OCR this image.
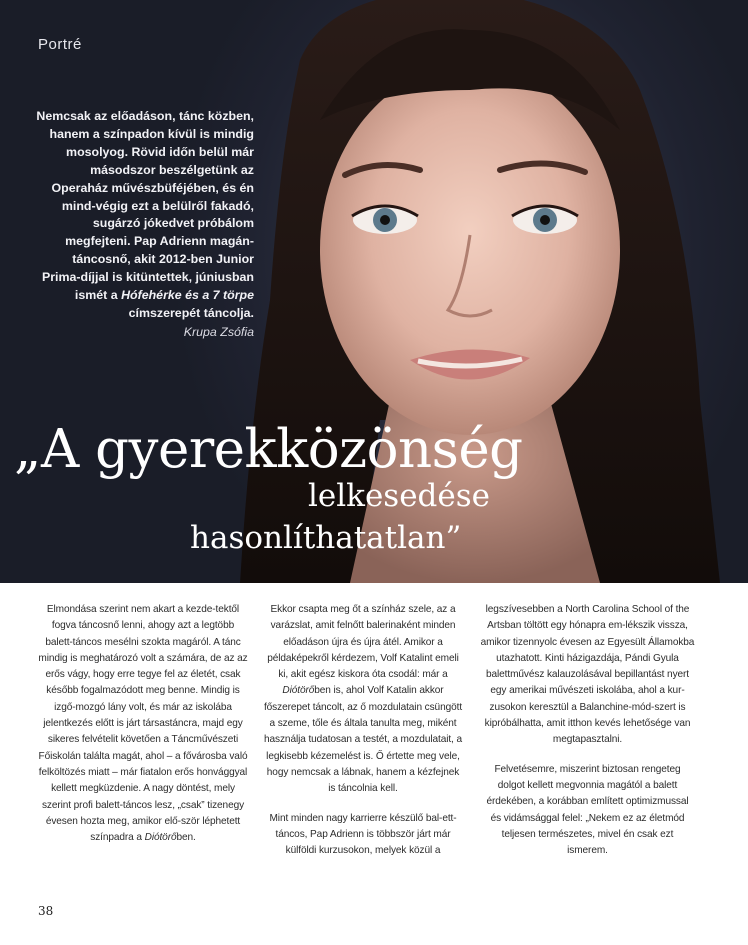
Portré
Nemcsak az előadáson, tánc közben, hanem a színpadon kívül is mindig mosolyog. Rövid időn belül már másodszor beszélgetünk az Operaház művészbüféjében, és én mind-végig ezt a belülről fakadó, sugárzó jókedvet próbálom megfejteni. Pap Adrienn magán-táncosnő, akit 2012-ben Junior Prima-díjjal is kitüntettek, júniusban ismét a Hófehérke és a 7 törpe címszerepét táncolja.
Krupa Zsófia
„A gyerekközönség
lelkesedése
hasonlíthatatlan”

Elmondása szerint nem akart a kezde-tektől fogva táncosnő lenni, ahogy azt a legtöbb balett-táncos mesélni szokta magáról. A tánc mindig is meghatározó volt a számára, de az az erős vágy, hogy erre tegye fel az életét, csak később fogalmazódott meg benne. Mindig is izgő-mozgó lány volt, és már az iskolába jelentkezés előtt is járt társastáncra, majd egy sikeres felvételit követően a Táncművészeti Főiskolán találta magát, ahol – a fővárosba való felköltözés miatt – már fiatalon erős honvággyal kellett megküzdenie. A nagy döntést, mely szerint profi balett-táncos lesz, „csak” tizenegy évesen hozta meg, amikor elő-ször léphetett színpadra a Diótörőben.

Ekkor csapta meg őt a színház szele, az a varázslat, amit felnőtt balerinaként minden előadáson újra és újra átél. Amikor a példaképekről kérdezem, Volf Katalint emeli ki, akit egész kiskora óta csodál: már a Diótörőben is, ahol Volf Katalin akkor főszerepet táncolt, az ő mozdulatain csüngött a szeme, tőle és általa tanulta meg, miként használja tudatosan a testét, a mozdulatait, a legkisebb kézemelést is. Ő értette meg vele, hogy nemcsak a lábnak, hanem a kézfejnek is táncolnia kell.

Mint minden nagy karrierre készülő bal-ett-táncos, Pap Adrienn is többször járt már külföldi kurzusokon, melyek közül a

legszívesebben a North Carolina School of the Artsban töltött egy hónapra em-lékszik vissza, amikor tizennyolc évesen az Egyesült Államokba utazhatott. Kinti házigazdája, Pándi Gyula balettművész kalauzolásával bepillantást nyert egy amerikai művészeti iskolába, ahol a kur-zusokon keresztül a Balanchine-mód-szert is kipróbálhatta, amit itthon kevés lehetősége van megtapasztalni.

Felvetésemre, miszerint biztosan rengeteg dolgot kellett megvonnia magától a balett érdekében, a korábban említett optimizmussal és vidámsággal felel: „Nekem ez az életmód teljesen természetes, mivel én csak ezt ismerem.

38
